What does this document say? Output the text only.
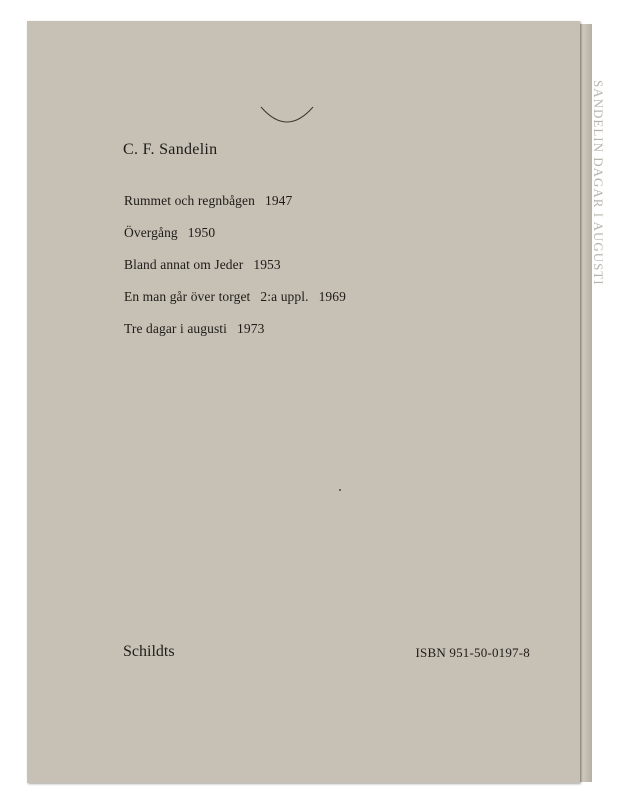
SANDELIN DAGAR I AUGUSTI
C. F. Sandelin
Rummet och regnbågen 1947
Övergång 1950
Bland annat om Jeder 1953
En man går över torget 2:a uppl. 1969
Tre dagar i augusti 1973
Schildts	ISBN 951-50-0197-8
